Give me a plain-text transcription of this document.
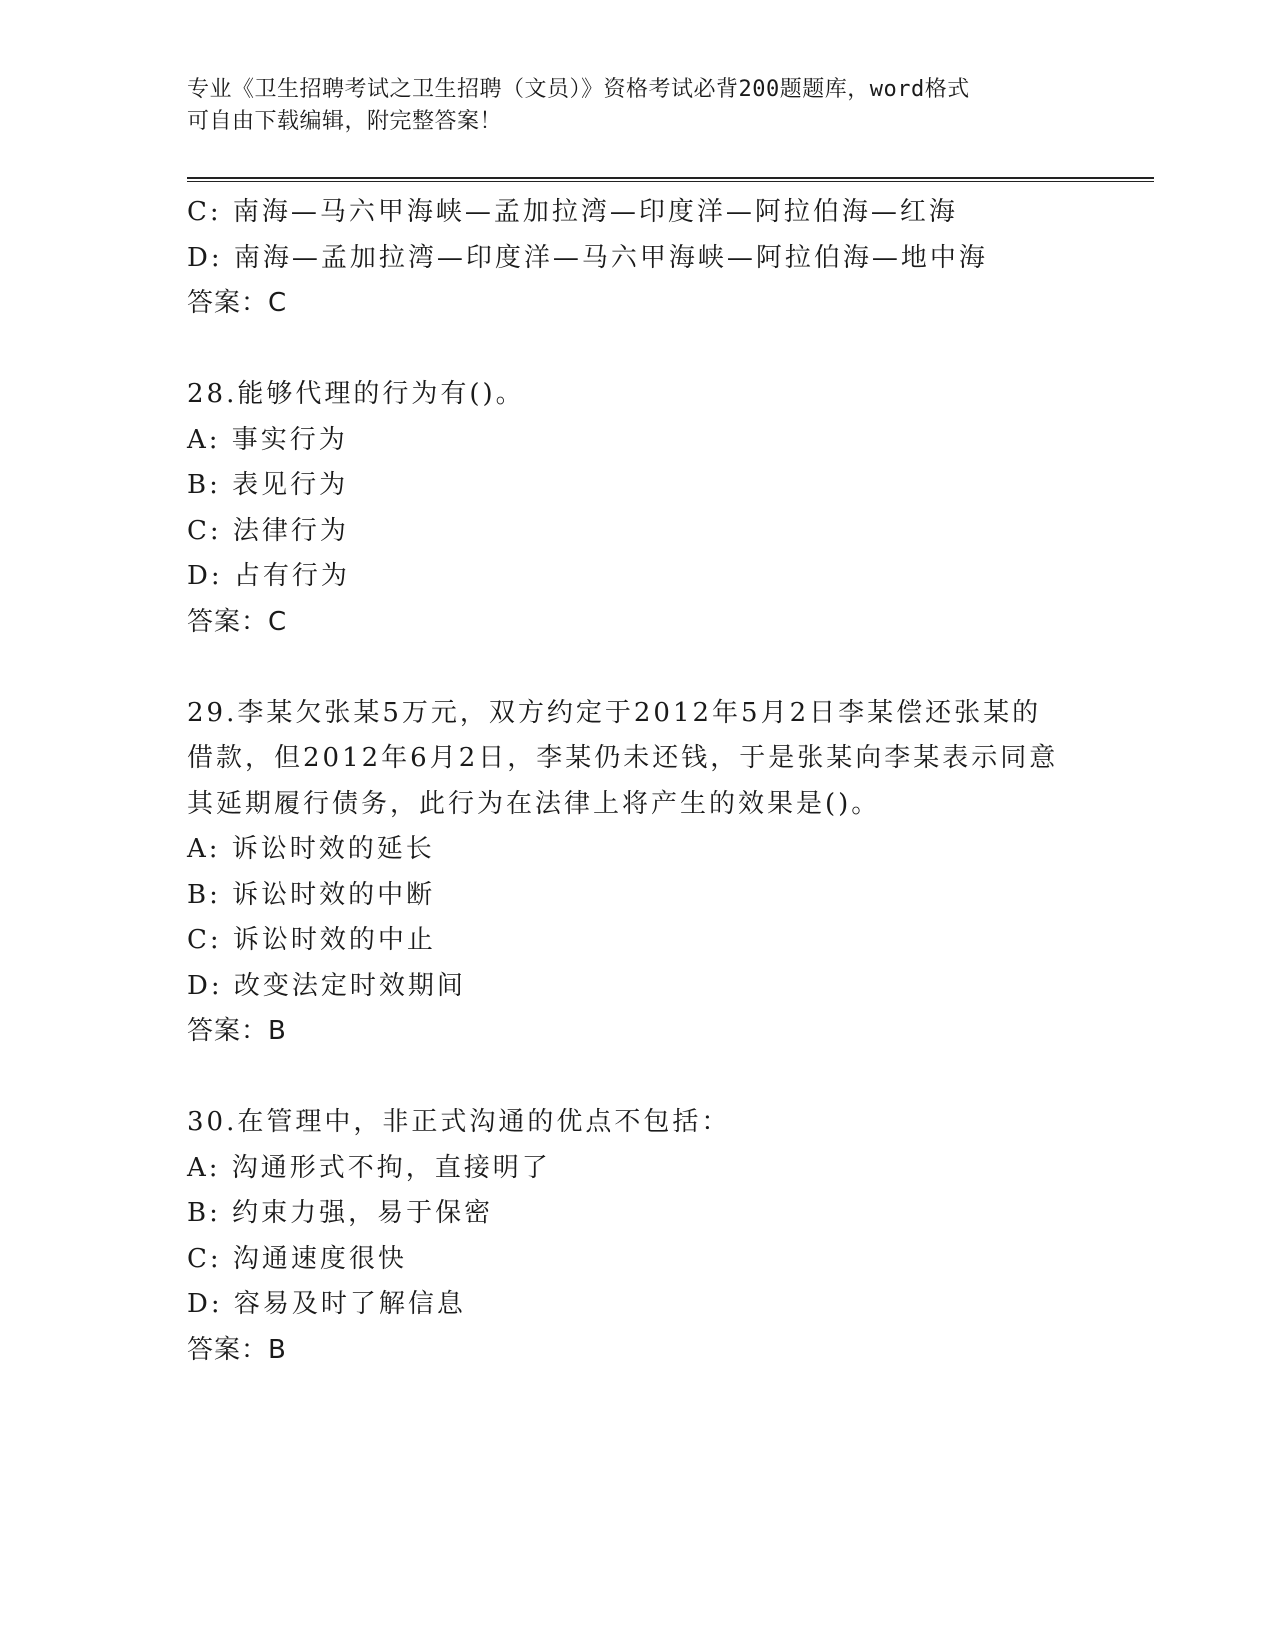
专业《卫生招聘考试之卫生招聘（文员）》资格考试必背200题题库，word格式
可自由下载编辑，附完整答案！
C: 南海—马六甲海峡—孟加拉湾—印度洋—阿拉伯海—红海
D: 南海—孟加拉湾—印度洋—马六甲海峡—阿拉伯海—地中海
答案：C
28.能够代理的行为有()。
A: 事实行为
B: 表见行为
C: 法律行为
D: 占有行为
答案：C
29.李某欠张某5万元，双方约定于2012年5月2日李某偿还张某的
借款，但2012年6月2日，李某仍未还钱，于是张某向李某表示同意
其延期履行债务，此行为在法律上将产生的效果是()。
A: 诉讼时效的延长
B: 诉讼时效的中断
C: 诉讼时效的中止
D: 改变法定时效期间
答案：B
30.在管理中，非正式沟通的优点不包括：
A: 沟通形式不拘，直接明了
B: 约束力强，易于保密
C: 沟通速度很快
D: 容易及时了解信息
答案：B
